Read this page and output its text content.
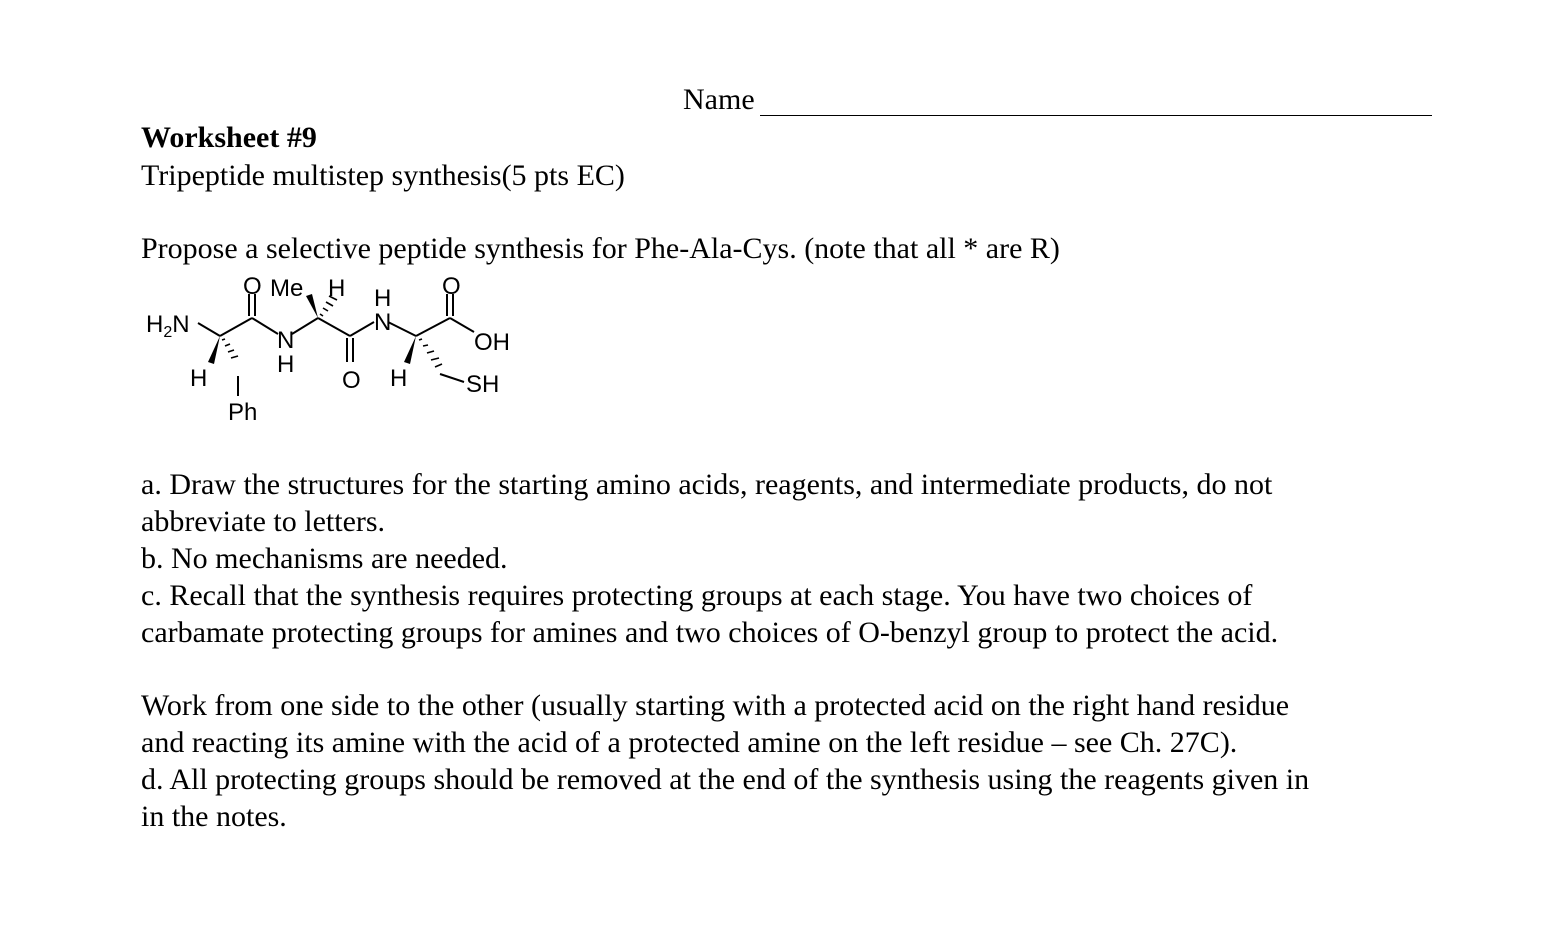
Name
Worksheet #9
Tripeptide multistep synthesis(5 pts EC)
Propose a selective peptide synthesis for Phe-Ala-Cys. (note that all * are R)
O Me H H O
$H_2N$
N
H
N
OH
H	O H SH
Ph

a. Draw the structures for the starting amino acids, reagents, and intermediate products, do not

abbreviate to letters.

b. No mechanisms are needed.

c. Recall that the synthesis requires protecting groups at each stage. You have two choices of

carbamate protecting groups for amines and two choices of O-benzyl group to protect the acid.

Work from one side to the other (usually starting with a protected acid on the right hand residue

and reacting its amine with the acid of a protected amine on the left residue – see Ch. 27C).

d. All protecting groups should be removed at the end of the synthesis using the reagents given in

in the notes.
